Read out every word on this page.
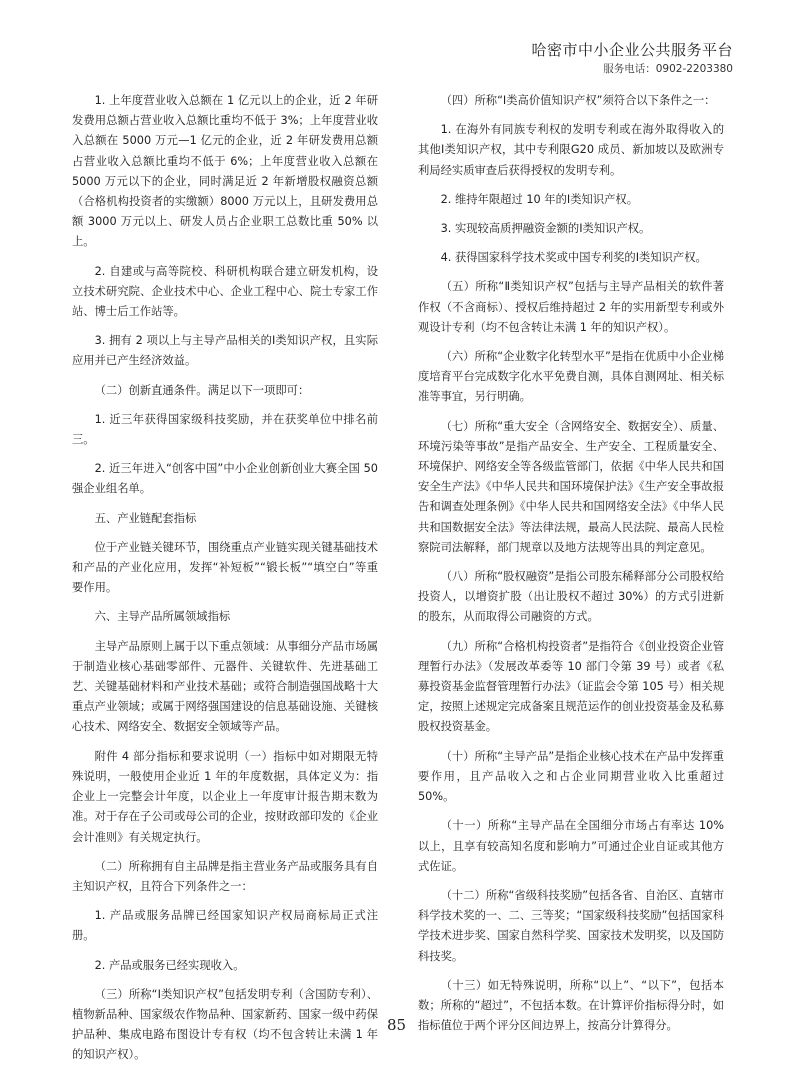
哈密市中小企业公共服务平台
服务电话：0902-2203380

1. 上年度营业收入总额在 1 亿元以上的企业，近 2 年研发费用总额占营业收入总额比重均不低于 3%；上年度营业收入总额在 5000 万元—1 亿元的企业，近 2 年研发费用总额占营业收入总额比重均不低于 6%；上年度营业收入总额在 5000 万元以下的企业，同时满足近 2 年新增股权融资总额（合格机构投资者的实缴额）8000 万元以上，且研发费用总额 3000 万元以上、研发人员占企业职工总数比重 50% 以上。

2. 自建或与高等院校、科研机构联合建立研发机构，设立技术研究院、企业技术中心、企业工程中心、院士专家工作站、博士后工作站等。

3. 拥有 2 项以上与主导产品相关的Ⅰ类知识产权，且实际应用并已产生经济效益。

（二）创新直通条件。满足以下一项即可：

1. 近三年获得国家级科技奖励，并在获奖单位中排名前三。

2. 近三年进入“创客中国”中小企业创新创业大赛全国 50 强企业组名单。

五、产业链配套指标

位于产业链关键环节，围绕重点产业链实现关键基础技术和产品的产业化应用，发挥“补短板”“锻长板”“填空白”等重要作用。

六、主导产品所属领域指标

主导产品原则上属于以下重点领域：从事细分产品市场属于制造业核心基础零部件、元器件、关键软件、先进基础工艺、关键基础材料和产业技术基础；或符合制造强国战略十大重点产业领域；或属于网络强国建设的信息基础设施、关键核心技术、网络安全、数据安全领域等产品。

附件 4 部分指标和要求说明（一）指标中如对期限无特殊说明，一般使用企业近 1 年的年度数据，具体定义为：指企业上一完整会计年度，以企业上一年度审计报告期末数为准。对于存在子公司或母公司的企业，按财政部印发的《企业会计准则》有关规定执行。

（二）所称拥有自主品牌是指主营业务产品或服务具有自主知识产权，且符合下列条件之一：

1. 产品或服务品牌已经国家知识产权局商标局正式注册。

2. 产品或服务已经实现收入。

（三）所称“Ⅰ类知识产权”包括发明专利（含国防专利）、植物新品种、国家级农作物品种、国家新药、国家一级中药保护品种、集成电路布图设计专有权（均不包含转让未满 1 年的知识产权）。

（四）所称“Ⅰ类高价值知识产权”须符合以下条件之一：

1. 在海外有同族专利权的发明专利或在海外取得收入的其他Ⅰ类知识产权，其中专利限G20 成员、新加坡以及欧洲专利局经实质审查后获得授权的发明专利。

2. 维持年限超过 10 年的Ⅰ类知识产权。

3. 实现较高质押融资金额的Ⅰ类知识产权。

4. 获得国家科学技术奖或中国专利奖的Ⅰ类知识产权。

（五）所称“Ⅱ类知识产权”包括与主导产品相关的软件著作权（不含商标）、授权后维持超过 2 年的实用新型专利或外观设计专利（均不包含转让未满 1 年的知识产权）。

（六）所称“企业数字化转型水平”是指在优质中小企业梯度培育平台完成数字化水平免费自测，具体自测网址、相关标准等事宜，另行明确。

（七）所称“重大安全（含网络安全、数据安全）、质量、环境污染等事故”是指产品安全、生产安全、工程质量安全、环境保护、网络安全等各级监管部门，依据《中华人民共和国安全生产法》《中华人民共和国环境保护法》《生产安全事故报告和调查处理条例》《中华人民共和国网络安全法》《中华人民共和国数据安全法》等法律法规，最高人民法院、最高人民检察院司法解释，部门规章以及地方法规等出具的判定意见。

（八）所称“股权融资”是指公司股东稀释部分公司股权给投资人，以增资扩股（出让股权不超过 30%）的方式引进新的股东，从而取得公司融资的方式。

（九）所称“合格机构投资者”是指符合《创业投资企业管理暂行办法》（发展改革委等 10 部门令第 39 号）或者《私募投资基金监督管理暂行办法》（证监会令第 105 号）相关规定，按照上述规定完成备案且规范运作的创业投资基金及私募股权投资基金。

（十）所称“主导产品”是指企业核心技术在产品中发挥重要作用，且产品收入之和占企业同期营业收入比重超过 50%。

（十一）所称“主导产品在全国细分市场占有率达 10% 以上，且享有较高知名度和影响力”可通过企业自证或其他方式佐证。

（十二）所称“省级科技奖励”包括各省、自治区、直辖市科学技术奖的一、二、三等奖；“国家级科技奖励”包括国家科学技术进步奖、国家自然科学奖、国家技术发明奖，以及国防科技奖。

（十三）如无特殊说明，所称“以上”、“以下”，包括本数；所称的“超过”，不包括本数。在计算评价指标得分时，如指标值位于两个评分区间边界上，按高分计算得分。

85
